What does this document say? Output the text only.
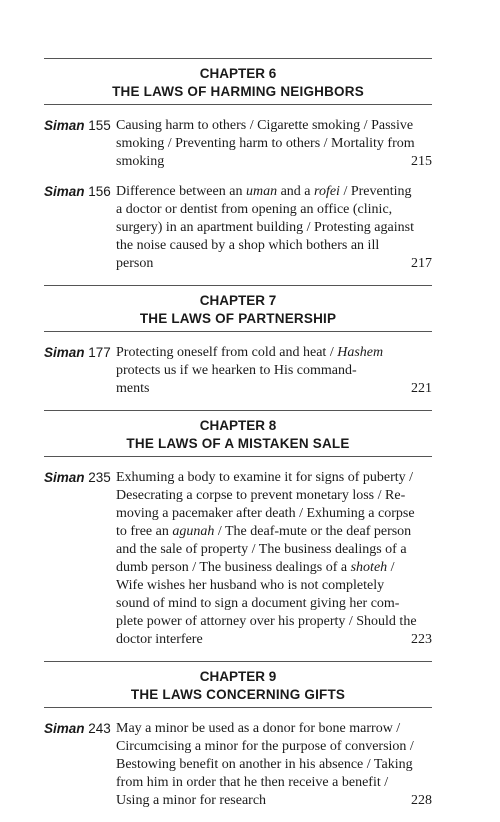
CHAPTER 6
THE LAWS OF HARMING NEIGHBORS
Siman 155 Causing harm to others / Cigarette smoking / Passive
smoking / Preventing harm to others / Mortality from
smoking	215
Siman 156 Difference between an uman and a rofei / Preventing
a doctor or dentist from opening an office (clinic,
surgery) in an apartment building / Protesting against
the noise caused by a shop which bothers an ill
person	217
CHAPTER 7
THE LAWS OF PARTNERSHIP
Siman 177 Protecting oneself from cold and heat / Hashem
protects us if we hearken to His command-
ments	221
CHAPTER 8
THE LAWS OF A MISTAKEN SALE
Siman 235 Exhuming a body to examine it for signs of puberty /
Desecrating a corpse to prevent monetary loss / Re-
moving a pacemaker after death / Exhuming a corpse
to free an agunah / The deaf-mute or the deaf person
and the sale of property / The business dealings of a
dumb person / The business dealings of a shoteh /
Wife wishes her husband who is not completely
sound of mind to sign a document giving her com-
plete power of attorney over his property / Should the
doctor interfere	223
CHAPTER 9
THE LAWS CONCERNING GIFTS
Siman 243 May a minor be used as a donor for bone marrow /
Circumcising a minor for the purpose of conversion /
Bestowing benefit on another in his absence / Taking
from him in order that he then receive a benefit /
Using a minor for research	228
